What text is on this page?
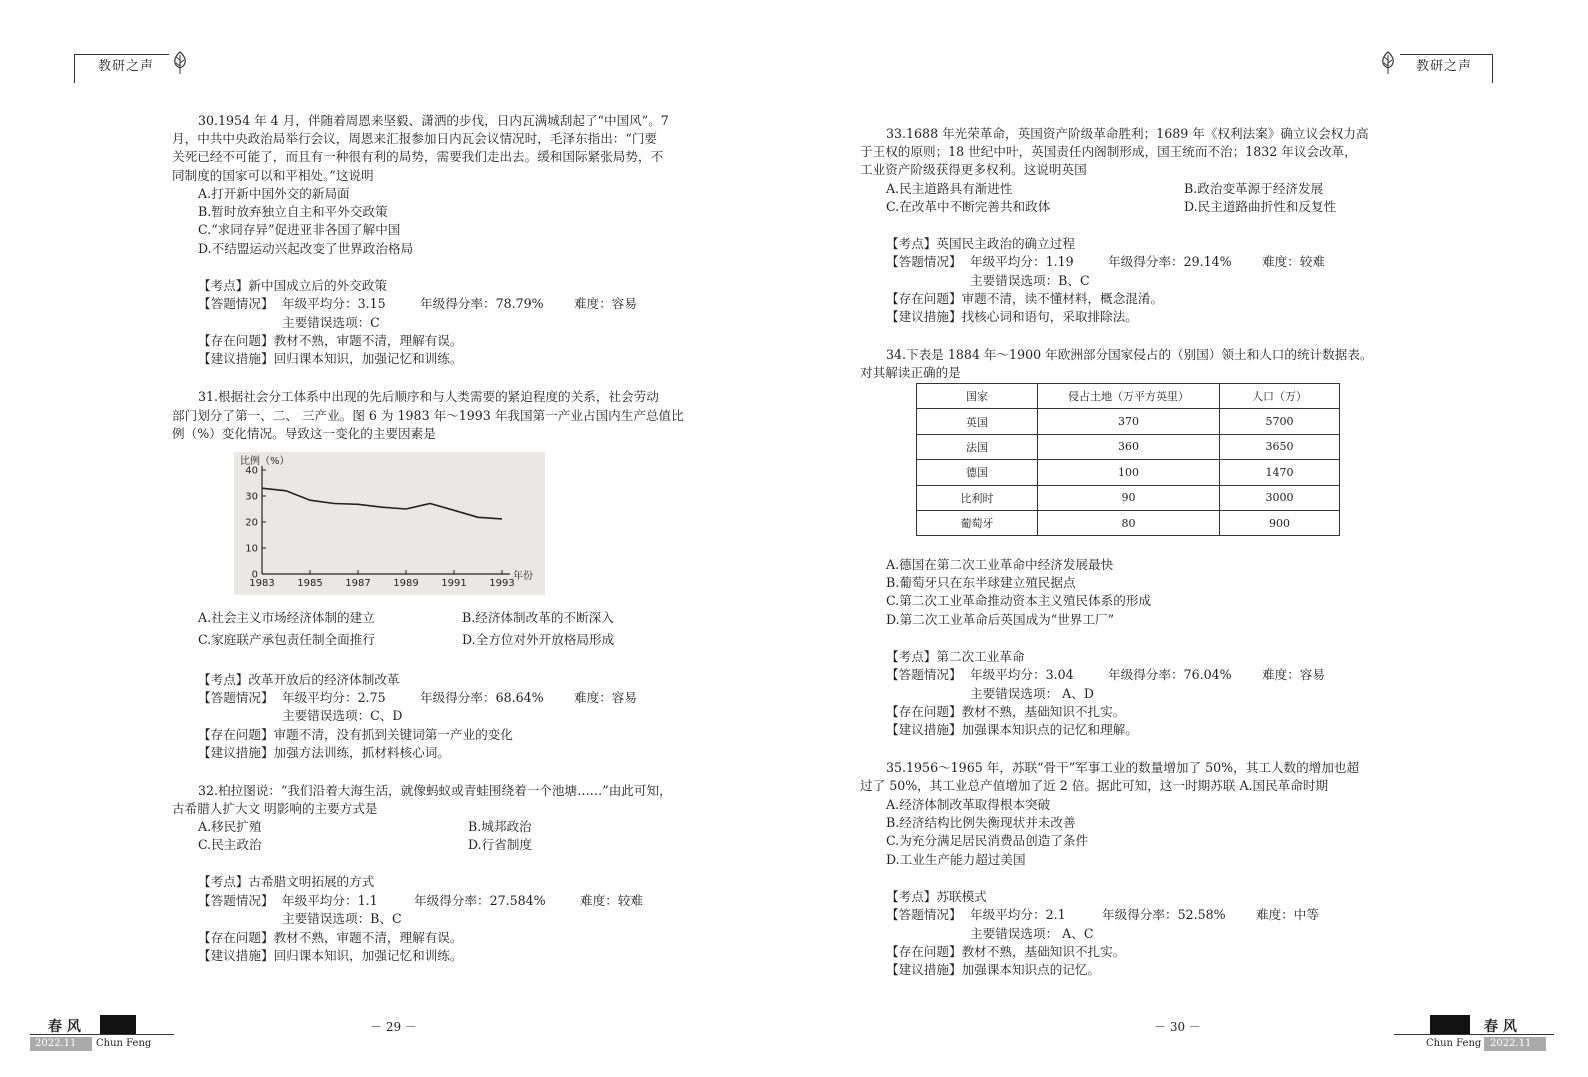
教研之声
30.1954 年 4 月，伴随着周恩来坚毅、潇洒的步伐，日内瓦满城刮起了“中国风”。7
月，中共中央政治局举行会议，周恩来汇报参加日内瓦会议情况时，毛泽东指出：“门要
关死已经不可能了，而且有一种很有利的局势，需要我们走出去。缓和国际紧张局势，不
同制度的国家可以和平相处。”这说明
A.打开新中国外交的新局面
B.暂时放弃独立自主和平外交政策
C.“求同存异”促进亚非各国了解中国
D.不结盟运动兴起改变了世界政治格局
【考点】新中国成立后的外交政策
【答题情况】 年级平均分：3.15	年级得分率：78.79% 难度：容易
主要错误选项：C
【存在问题】教材不熟，审题不清，理解有误。
【建议措施】回归课本知识，加强记忆和训练。
31.根据社会分工体系中出现的先后顺序和与人类需要的紧迫程度的关系，社会劳动
部门划分了第一、二、 三产业。图 6 为 1983 年～1993 年我国第一产业占国内生产总值比
例（%）变化情况。导致这一变化的主要因素是
比例（%）
年份
40
30
20
10
0
1983 1985 1987 1989 1991 1993
A.社会主义市场经济体制的建立	B.经济体制改革的不断深入
C.家庭联产承包责任制全面推行	D.全方位对外开放格局形成
【考点】改革开放后的经济体制改革
【答题情况】 年级平均分：2.75	年级得分率：68.64% 难度：容易
主要错误选项：C、D
【存在问题】审题不清，没有抓到关键词第一产业的变化
【建议措施】加强方法训练，抓材料核心词。
32.柏拉图说：“我们沿着大海生活，就像蚂蚁或青蛙围绕着一个池塘……”由此可知，
古希腊人扩大文 明影响的主要方式是
A.移民扩殖	B.城邦政治
C.民主政治	D.行省制度
【考点】古希腊文明拓展的方式
【答题情况】 年级平均分：1.1	年级得分率：27.584%	难度：较难
主要错误选项：B、C
【存在问题】教材不熟，审题不清，理解有误。
【建议措施】回归课本知识，加强记忆和训练。
春 风
2022.11 Chun Feng
－ 29 －
教研之声
33.1688 年光荣革命，英国资产阶级革命胜利；1689 年《权利法案》确立议会权力高
于王权的原则；18 世纪中叶，英国责任内阁制形成，国王统而不治；1832 年议会改革，
工业资产阶级获得更多权利。这说明英国
A.民主道路具有渐进性	B.政治变革源于经济发展
C.在改革中不断完善共和政体	D.民主道路曲折性和反复性
【考点】英国民主政治的确立过程
【答题情况】 年级平均分：1.19	年级得分率：29.14% 难度：较难
主要错误选项：B、C
【存在问题】审题不清，读不懂材料，概念混淆。
【建议措施】找核心词和语句，采取排除法。
34.下表是 1884 年～1900 年欧洲部分国家侵占的（别国）领土和人口的统计数据表。
对其解读正确的是
国家	侵占土地（万平方英里）	人口（万）
英国	370	5700
法国	360	3650
德国	100	1470
比利时	90	3000
葡萄牙	80	900
A.德国在第二次工业革命中经济发展最快
B.葡萄牙只在东半球建立殖民据点
C.第二次工业革命推动资本主义殖民体系的形成
D.第二次工业革命后英国成为“世界工厂”
【考点】第二次工业革命
【答题情况】 年级平均分：3.04	年级得分率：76.04% 难度：容易
主要错误选项： A、D
【存在问题】教材不熟，基础知识不扎实。
【建议措施】加强课本知识点的记忆和理解。
35.1956～1965 年，苏联“骨干”军事工业的数量增加了 50%，其工人数的增加也超
过了 50%，其工业总产值增加了近 2 倍。据此可知，这一时期苏联 A.国民革命时期
A.经济体制改革取得根本突破
B.经济结构比例失衡现状并未改善
C.为充分满足居民消费品创造了条件
D.工业生产能力超过美国
【考点】苏联模式
【答题情况】 年级平均分：2.1	年级得分率：52.58% 难度：中等
主要错误选项： A、C
【存在问题】教材不熟，基础知识不扎实。
【建议措施】加强课本知识点的记忆。
－ 30 －	春 风
Chun Feng 2022.11
